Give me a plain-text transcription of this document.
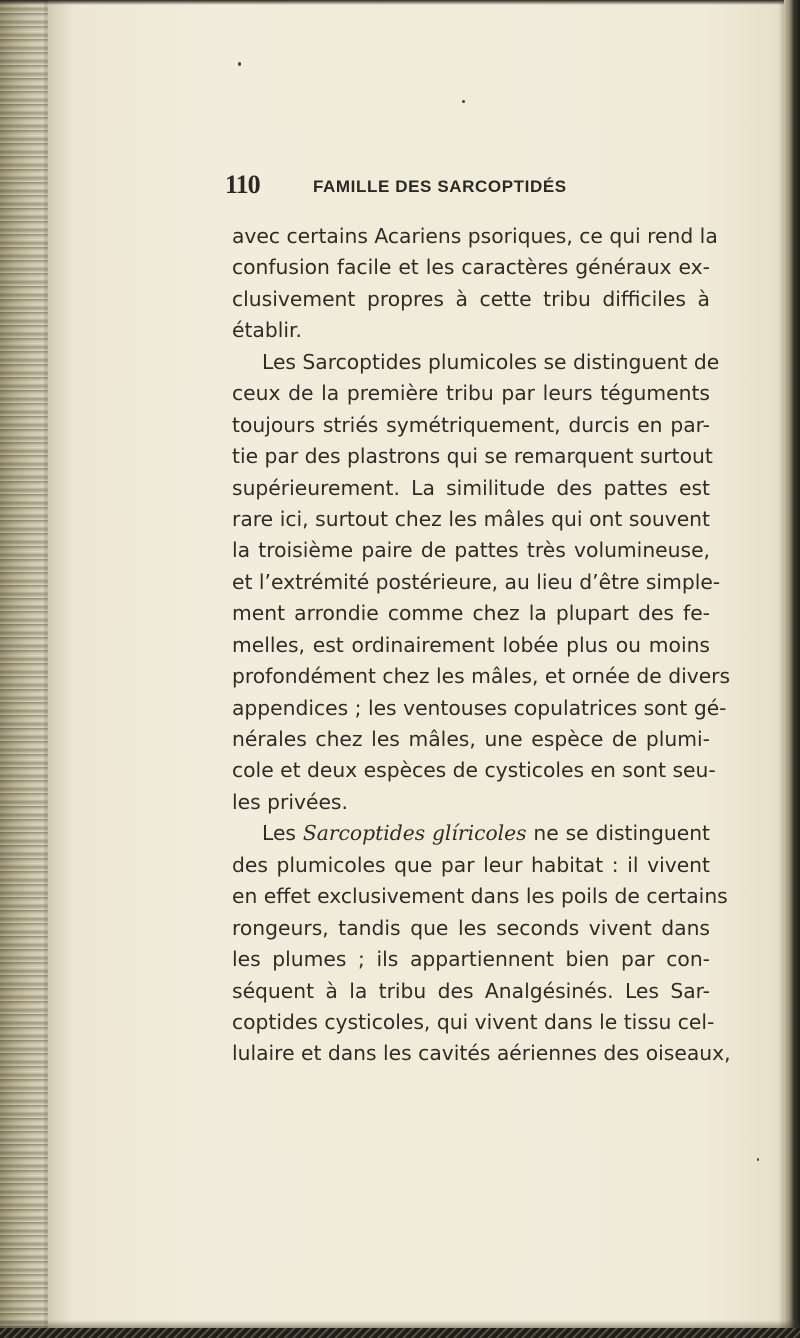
110	FAMILLE DES SARCOPTIDÉS
avec certains Acariens psoriques, ce qui rend la
confusion facile et les caractères généraux ex-
clusivement propres à cette tribu difficiles à
établir.
Les Sarcoptides plumicoles se distinguent de
ceux de la première tribu par leurs téguments
toujours striés symétriquement, durcis en par-
tie par des plastrons qui se remarquent surtout
supérieurement. La similitude des pattes est
rare ici, surtout chez les mâles qui ont souvent
la troisième paire de pattes très volumineuse,
et l’extrémité postérieure, au lieu d’être simple-
ment arrondie comme chez la plupart des fe-
melles, est ordinairement lobée plus ou moins
profondément chez les mâles, et ornée de divers
appendices ; les ventouses copulatrices sont gé-
nérales chez les mâles, une espèce de plumi-
cole et deux espèces de cysticoles en sont seu-
les privées.
Les Sarcoptides glíricoles ne se distinguent
des plumicoles que par leur habitat : il vivent
en effet exclusivement dans les poils de certains
rongeurs, tandis que les seconds vivent dans
les plumes ; ils appartiennent bien par con-
séquent à la tribu des Analgésinés. Les Sar-
coptides cysticoles, qui vivent dans le tissu cel-
lulaire et dans les cavités aériennes des oiseaux,
